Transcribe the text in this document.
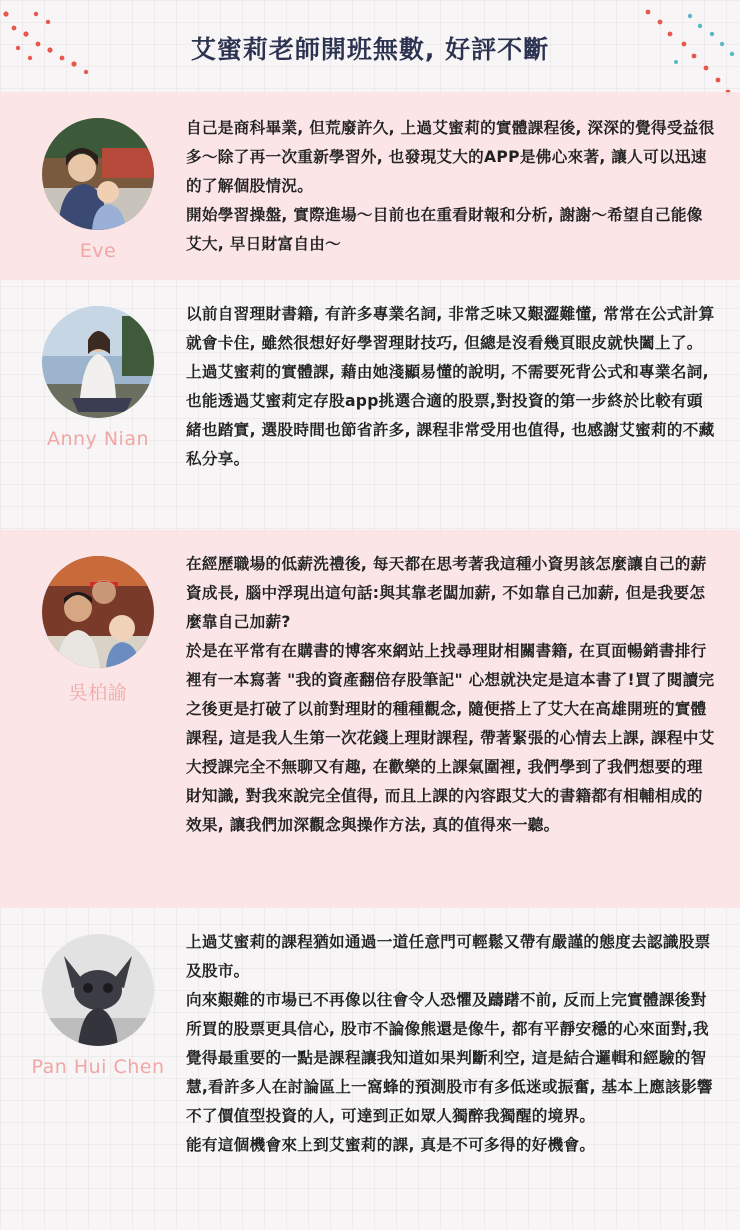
艾蜜莉老師開班無數, 好評不斷
Eve

自己是商科畢業, 但荒廢許久, 上過艾蜜莉的實體課程後, 深深的覺得受益很多～除了再一次重新學習外, 也發現艾大的APP是佛心來著, 讓人可以迅速的了解個股情況。

開始學習操盤, 實際進場～目前也在重看財報和分析, 謝謝～希望自己能像艾大, 早日財富自由～

Anny Nian

以前自習理財書籍, 有許多專業名詞, 非常乏味又艱澀難懂, 常常在公式計算就會卡住, 雖然很想好好學習理財技巧, 但總是沒看幾頁眼皮就快闔上了。

上過艾蜜莉的實體課, 藉由她淺顯易懂的說明, 不需要死背公式和專業名詞, 也能透過艾蜜莉定存股app挑選合適的股票,對投資的第一步終於比較有頭緒也踏實, 選股時間也節省許多, 課程非常受用也值得, 也感謝艾蜜莉的不藏私分享。

吳柏諭

在經歷職場的低薪洗禮後, 每天都在思考著我這種小資男該怎麼讓自己的薪資成長, 腦中浮現出這句話:與其靠老闆加薪, 不如靠自己加薪, 但是我要怎麼靠自己加薪?

於是在平常有在購書的博客來網站上找尋理財相關書籍, 在頁面暢銷書排行裡有一本寫著 "我的資產翻倍存股筆記" 心想就決定是這本書了!買了閱讀完之後更是打破了以前對理財的種種觀念, 隨便搭上了艾大在高雄開班的實體課程, 這是我人生第一次花錢上理財課程, 帶著緊張的心情去上課, 課程中艾大授課完全不無聊又有趣, 在歡樂的上課氣圍裡, 我們學到了我們想要的理財知識, 對我來說完全值得, 而且上課的內容跟艾大的書籍都有相輔相成的效果, 讓我們加深觀念與操作方法, 真的值得來一聽。

Pan Hui Chen

上過艾蜜莉的課程猶如通過一道任意門可輕鬆又帶有嚴謹的態度去認識股票及股市。

向來艱難的市場已不再像以往會令人恐懼及躊躇不前, 反而上完實體課後對所買的股票更具信心, 股市不論像熊還是像牛, 都有平靜安穩的心來面對,我覺得最重要的一點是課程讓我知道如果判斷利空, 這是結合邏輯和經驗的智慧,看許多人在討論區上一窩蜂的預測股市有多低迷或振奮, 基本上應該影響不了價值型投資的人, 可達到正如眾人獨醉我獨醒的境界。

能有這個機會來上到艾蜜莉的課, 真是不可多得的好機會。
